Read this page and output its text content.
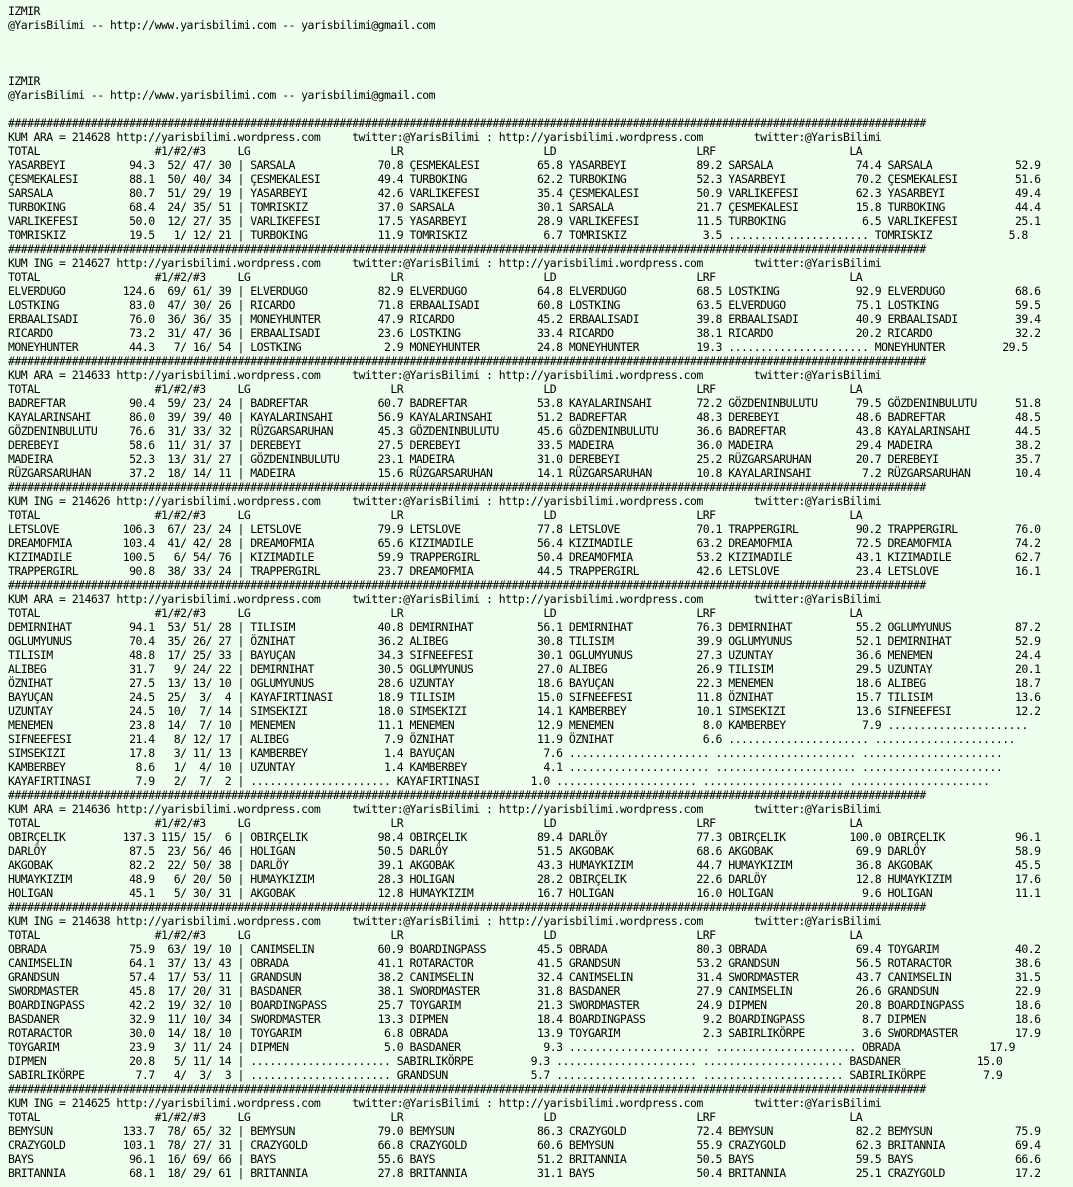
IZMIR
@YarisBilimi -- http://www.yarisbilimi.com -- yarisbilimi@gmail.com

IZMIR
@YarisBilimi -- http://www.yarisbilimi.com -- yarisbilimi@gmail.com

################################################################################################################################################
KUM ARA = 214628 http://yarisbilimi.wordpress.com     twitter:@YarisBilimi : http://yarisbilimi.wordpress.com        twitter:@YarisBilimi
TOTAL                  #1/#2/#3     LG                      LR                      LD                      LRF                     LA
YASARBEYI          94.3  52/ 47/ 30 | SARSALA             70.8 ÇESMEKALESI         65.8 YASARBEYI           89.2 SARSALA             74.4 SARSALA             52.9
ÇESMEKALESI        88.1  50/ 40/ 34 | ÇESMEKALESI         49.4 TURBOKING           62.2 TURBOKING           52.3 YASARBEYI           70.2 ÇESMEKALESI         51.6
SARSALA            80.7  51/ 29/ 19 | YASARBEYI           42.6 VARLIKEFESI         35.4 ÇESMEKALESI         50.9 VARLIKEFESI         62.3 YASARBEYI           49.4
TURBOKING          68.4  24/ 35/ 51 | TOMRISKIZ           37.0 SARSALA             30.1 SARSALA             21.7 ÇESMEKALESI         15.8 TURBOKING           44.4
VARLIKEFESI        50.0  12/ 27/ 35 | VARLIKEFESI         17.5 YASARBEYI           28.9 VARLIKEFESI         11.5 TURBOKING            6.5 VARLIKEFESI         25.1
TOMRISKIZ          19.5   1/ 12/ 21 | TURBOKING           11.9 TOMRISKIZ            6.7 TOMRISKIZ            3.5 ...................... TOMRISKIZ            5.8
################################################################################################################################################
KUM ING = 214627 http://yarisbilimi.wordpress.com     twitter:@YarisBilimi : http://yarisbilimi.wordpress.com        twitter:@YarisBilimi
TOTAL                  #1/#2/#3     LG                      LR                      LD                      LRF                     LA
ELVERDUGO         124.6  69/ 61/ 39 | ELVERDUGO           82.9 ELVERDUGO           64.8 ELVERDUGO           68.5 LOSTKING            92.9 ELVERDUGO           68.6
LOSTKING           83.0  47/ 30/ 26 | RICARDO             71.8 ERBAALISADI         60.8 LOSTKING            63.5 ELVERDUGO           75.1 LOSTKING            59.5
ERBAALISADI        76.0  36/ 36/ 35 | MONEYHUNTER         47.9 RICARDO             45.2 ERBAALISADI         39.8 ERBAALISADI         40.9 ERBAALISADI         39.4
RICARDO            73.2  31/ 47/ 36 | ERBAALISADI         23.6 LOSTKING            33.4 RICARDO             38.1 RICARDO             20.2 RICARDO             32.2
MONEYHUNTER        44.3   7/ 16/ 54 | LOSTKING             2.9 MONEYHUNTER         24.8 MONEYHUNTER         19.3 ...................... MONEYHUNTER         29.5
################################################################################################################################################
KUM ARA = 214633 http://yarisbilimi.wordpress.com     twitter:@YarisBilimi : http://yarisbilimi.wordpress.com        twitter:@YarisBilimi
TOTAL                  #1/#2/#3     LG                      LR                      LD                      LRF                     LA
BADREFTAR          90.4  59/ 23/ 24 | BADREFTAR           60.7 BADREFTAR           53.8 KAYALARINSAHI       72.2 GÖZDENINBULUTU      79.5 GÖZDENINBULUTU      51.8
KAYALARINSAHI      86.0  39/ 39/ 40 | KAYALARINSAHI       56.9 KAYALARINSAHI       51.2 BADREFTAR           48.3 DEREBEYI            48.6 BADREFTAR           48.5
GÖZDENINBULUTU     76.6  31/ 33/ 32 | RÜZGARSARUHAN       45.3 GÖZDENINBULUTU      45.6 GÖZDENINBULUTU      36.6 BADREFTAR           43.8 KAYALARINSAHI       44.5
DEREBEYI           58.6  11/ 31/ 37 | DEREBEYI            27.5 DEREBEYI            33.5 MADEIRA             36.0 MADEIRA             29.4 MADEIRA             38.2
MADEIRA            52.3  13/ 31/ 27 | GÖZDENINBULUTU      23.1 MADEIRA             31.0 DEREBEYI            25.2 RÜZGARSARUHAN       20.7 DEREBEYI            35.7
RÜZGARSARUHAN      37.2  18/ 14/ 11 | MADEIRA             15.6 RÜZGARSARUHAN       14.1 RÜZGARSARUHAN       10.8 KAYALARINSAHI        7.2 RÜZGARSARUHAN       10.4
################################################################################################################################################
KUM ING = 214626 http://yarisbilimi.wordpress.com     twitter:@YarisBilimi : http://yarisbilimi.wordpress.com        twitter:@YarisBilimi
TOTAL                  #1/#2/#3     LG                      LR                      LD                      LRF                     LA
LETSLOVE          106.3  67/ 23/ 24 | LETSLOVE            79.9 LETSLOVE            77.8 LETSLOVE            70.1 TRAPPERGIRL         90.2 TRAPPERGIRL         76.0
DREAMOFMIA        103.4  41/ 42/ 28 | DREAMOFMIA          65.6 KIZIMADILE          56.4 KIZIMADILE          63.2 DREAMOFMIA          72.5 DREAMOFMIA          74.2
KIZIMADILE        100.5   6/ 54/ 76 | KIZIMADILE          59.9 TRAPPERGIRL         50.4 DREAMOFMIA          53.2 KIZIMADILE          43.1 KIZIMADILE          62.7
TRAPPERGIRL        90.8  38/ 33/ 24 | TRAPPERGIRL         23.7 DREAMOFMIA          44.5 TRAPPERGIRL         42.6 LETSLOVE            23.4 LETSLOVE            16.1
################################################################################################################################################
KUM ARA = 214637 http://yarisbilimi.wordpress.com     twitter:@YarisBilimi : http://yarisbilimi.wordpress.com        twitter:@YarisBilimi
TOTAL                  #1/#2/#3     LG                      LR                      LD                      LRF                     LA
DEMIRNIHAT         94.1  53/ 51/ 28 | TILISIM             40.8 DEMIRNIHAT          56.1 DEMIRNIHAT          76.3 DEMIRNIHAT          55.2 OGLUMYUNUS          87.2
OGLUMYUNUS         70.4  35/ 26/ 27 | ÖZNIHAT             36.2 ALIBEG              30.8 TILISIM             39.9 OGLUMYUNUS          52.1 DEMIRNIHAT          52.9
TILISIM            48.8  17/ 25/ 33 | BAYUÇAN             34.3 SIFNEEFESI          30.1 OGLUMYUNUS          27.3 UZUNTAY             36.6 MENEMEN             24.4
ALIBEG             31.7   9/ 24/ 22 | DEMIRNIHAT          30.5 OGLUMYUNUS          27.0 ALIBEG              26.9 TILISIM             29.5 UZUNTAY             20.1
ÖZNIHAT            27.5  13/ 13/ 10 | OGLUMYUNUS          28.6 UZUNTAY             18.6 BAYUÇAN             22.3 MENEMEN             18.6 ALIBEG              18.7
BAYUÇAN            24.5  25/  3/  4 | KAYAFIRTINASI       18.9 TILISIM             15.0 SIFNEEFESI          11.8 ÖZNIHAT             15.7 TILISIM             13.6
UZUNTAY            24.5  10/  7/ 14 | SIMSEKIZI           18.0 SIMSEKIZI           14.1 KAMBERBEY           10.1 SIMSEKIZI           13.6 SIFNEEFESI          12.2
MENEMEN            23.8  14/  7/ 10 | MENEMEN             11.1 MENEMEN             12.9 MENEMEN              8.0 KAMBERBEY            7.9 ......................
SIFNEEFESI         21.4   8/ 12/ 17 | ALIBEG               7.9 ÖZNIHAT             11.9 ÖZNIHAT              6.6 ...................... ......................
SIMSEKIZI          17.8   3/ 11/ 13 | KAMBERBEY            1.4 BAYUÇAN              7.6 ...................... ...................... ......................
KAMBERBEY           8.6   1/  4/ 10 | UZUNTAY              1.4 KAMBERBEY            4.1 ...................... ...................... ......................
KAYAFIRTINASI       7.9   2/  7/  2 | ...................... KAYAFIRTINASI        1.0 ...................... ...................... ......................
################################################################################################################################################
KUM ARA = 214636 http://yarisbilimi.wordpress.com     twitter:@YarisBilimi : http://yarisbilimi.wordpress.com        twitter:@YarisBilimi
TOTAL                  #1/#2/#3     LG                      LR                      LD                      LRF                     LA
OBIRÇELIK         137.3 115/ 15/  6 | OBIRÇELIK           98.4 OBIRÇELIK           89.4 DARLÖY              77.3 OBIRÇELIK          100.0 OBIRÇELIK           96.1
DARLÖY             87.5  23/ 56/ 46 | HOLIGAN             50.5 DARLÖY              51.5 AKGOBAK             68.6 AKGOBAK             69.9 DARLÖY              58.9
AKGOBAK            82.2  22/ 50/ 38 | DARLÖY              39.1 AKGOBAK             43.3 HUMAYKIZIM          44.7 HUMAYKIZIM          36.8 AKGOBAK             45.5
HUMAYKIZIM         48.9   6/ 20/ 50 | HUMAYKIZIM          28.3 HOLIGAN             28.2 OBIRÇELIK           22.6 DARLÖY              12.8 HUMAYKIZIM          17.6
HOLIGAN            45.1   5/ 30/ 31 | AKGOBAK             12.8 HUMAYKIZIM          16.7 HOLIGAN             16.0 HOLIGAN              9.6 HOLIGAN             11.1
################################################################################################################################################
KUM ING = 214638 http://yarisbilimi.wordpress.com     twitter:@YarisBilimi : http://yarisbilimi.wordpress.com        twitter:@YarisBilimi
TOTAL                  #1/#2/#3     LG                      LR                      LD                      LRF                     LA
OBRADA             75.9  63/ 19/ 10 | CANIMSELIN          60.9 BOARDINGPASS        45.5 OBRADA              80.3 OBRADA              69.4 TOYGARIM            40.2
CANIMSELIN         64.1  37/ 13/ 43 | OBRADA              41.1 ROTARACTOR          41.5 GRANDSUN            53.2 GRANDSUN            56.5 ROTARACTOR          38.6
GRANDSUN           57.4  17/ 53/ 11 | GRANDSUN            38.2 CANIMSELIN          32.4 CANIMSELIN          31.4 SWORDMASTER         43.7 CANIMSELIN          31.5
SWORDMASTER        45.8  17/ 20/ 31 | BASDANER            38.1 SWORDMASTER         31.8 BASDANER            27.9 CANIMSELIN          26.6 GRANDSUN            22.9
BOARDINGPASS       42.2  19/ 32/ 10 | BOARDINGPASS        25.7 TOYGARIM            21.3 SWORDMASTER         24.9 DIPMEN              20.8 BOARDINGPASS        18.6
BASDANER           32.9  11/ 10/ 34 | SWORDMASTER         13.3 DIPMEN              18.4 BOARDINGPASS         9.2 BOARDINGPASS         8.7 DIPMEN              18.6
ROTARACTOR         30.0  14/ 18/ 10 | TOYGARIM             6.8 OBRADA              13.9 TOYGARIM             2.3 SABIRLIKÖRPE         3.6 SWORDMASTER         17.9
TOYGARIM           23.9   3/ 11/ 24 | DIPMEN               5.0 BASDANER             9.3 ...................... ...................... OBRADA              17.9
DIPMEN             20.8   5/ 11/ 14 | ...................... SABIRLIKÖRPE         9.3 ...................... ...................... BASDANER            15.0
SABIRLIKÖRPE        7.7   4/  3/  3 | ...................... GRANDSUN             5.7 ...................... ...................... SABIRLIKÖRPE         7.9
################################################################################################################################################
KUM ING = 214625 http://yarisbilimi.wordpress.com     twitter:@YarisBilimi : http://yarisbilimi.wordpress.com        twitter:@YarisBilimi
TOTAL                  #1/#2/#3     LG                      LR                      LD                      LRF                     LA
BEMYSUN           133.7  78/ 65/ 32 | BEMYSUN             79.0 BEMYSUN             86.3 CRAZYGOLD           72.4 BEMYSUN             82.2 BEMYSUN             75.9
CRAZYGOLD         103.1  78/ 27/ 31 | CRAZYGOLD           66.8 CRAZYGOLD           60.6 BEMYSUN             55.9 CRAZYGOLD           62.3 BRITANNIA           69.4
BAYS               96.1  16/ 69/ 66 | BAYS                55.6 BAYS                51.2 BRITANNIA           50.5 BAYS                59.5 BAYS                66.6
BRITANNIA          68.1  18/ 29/ 61 | BRITANNIA           27.8 BRITANNIA           31.1 BAYS                50.4 BRITANNIA           25.1 CRAZYGOLD           17.2
